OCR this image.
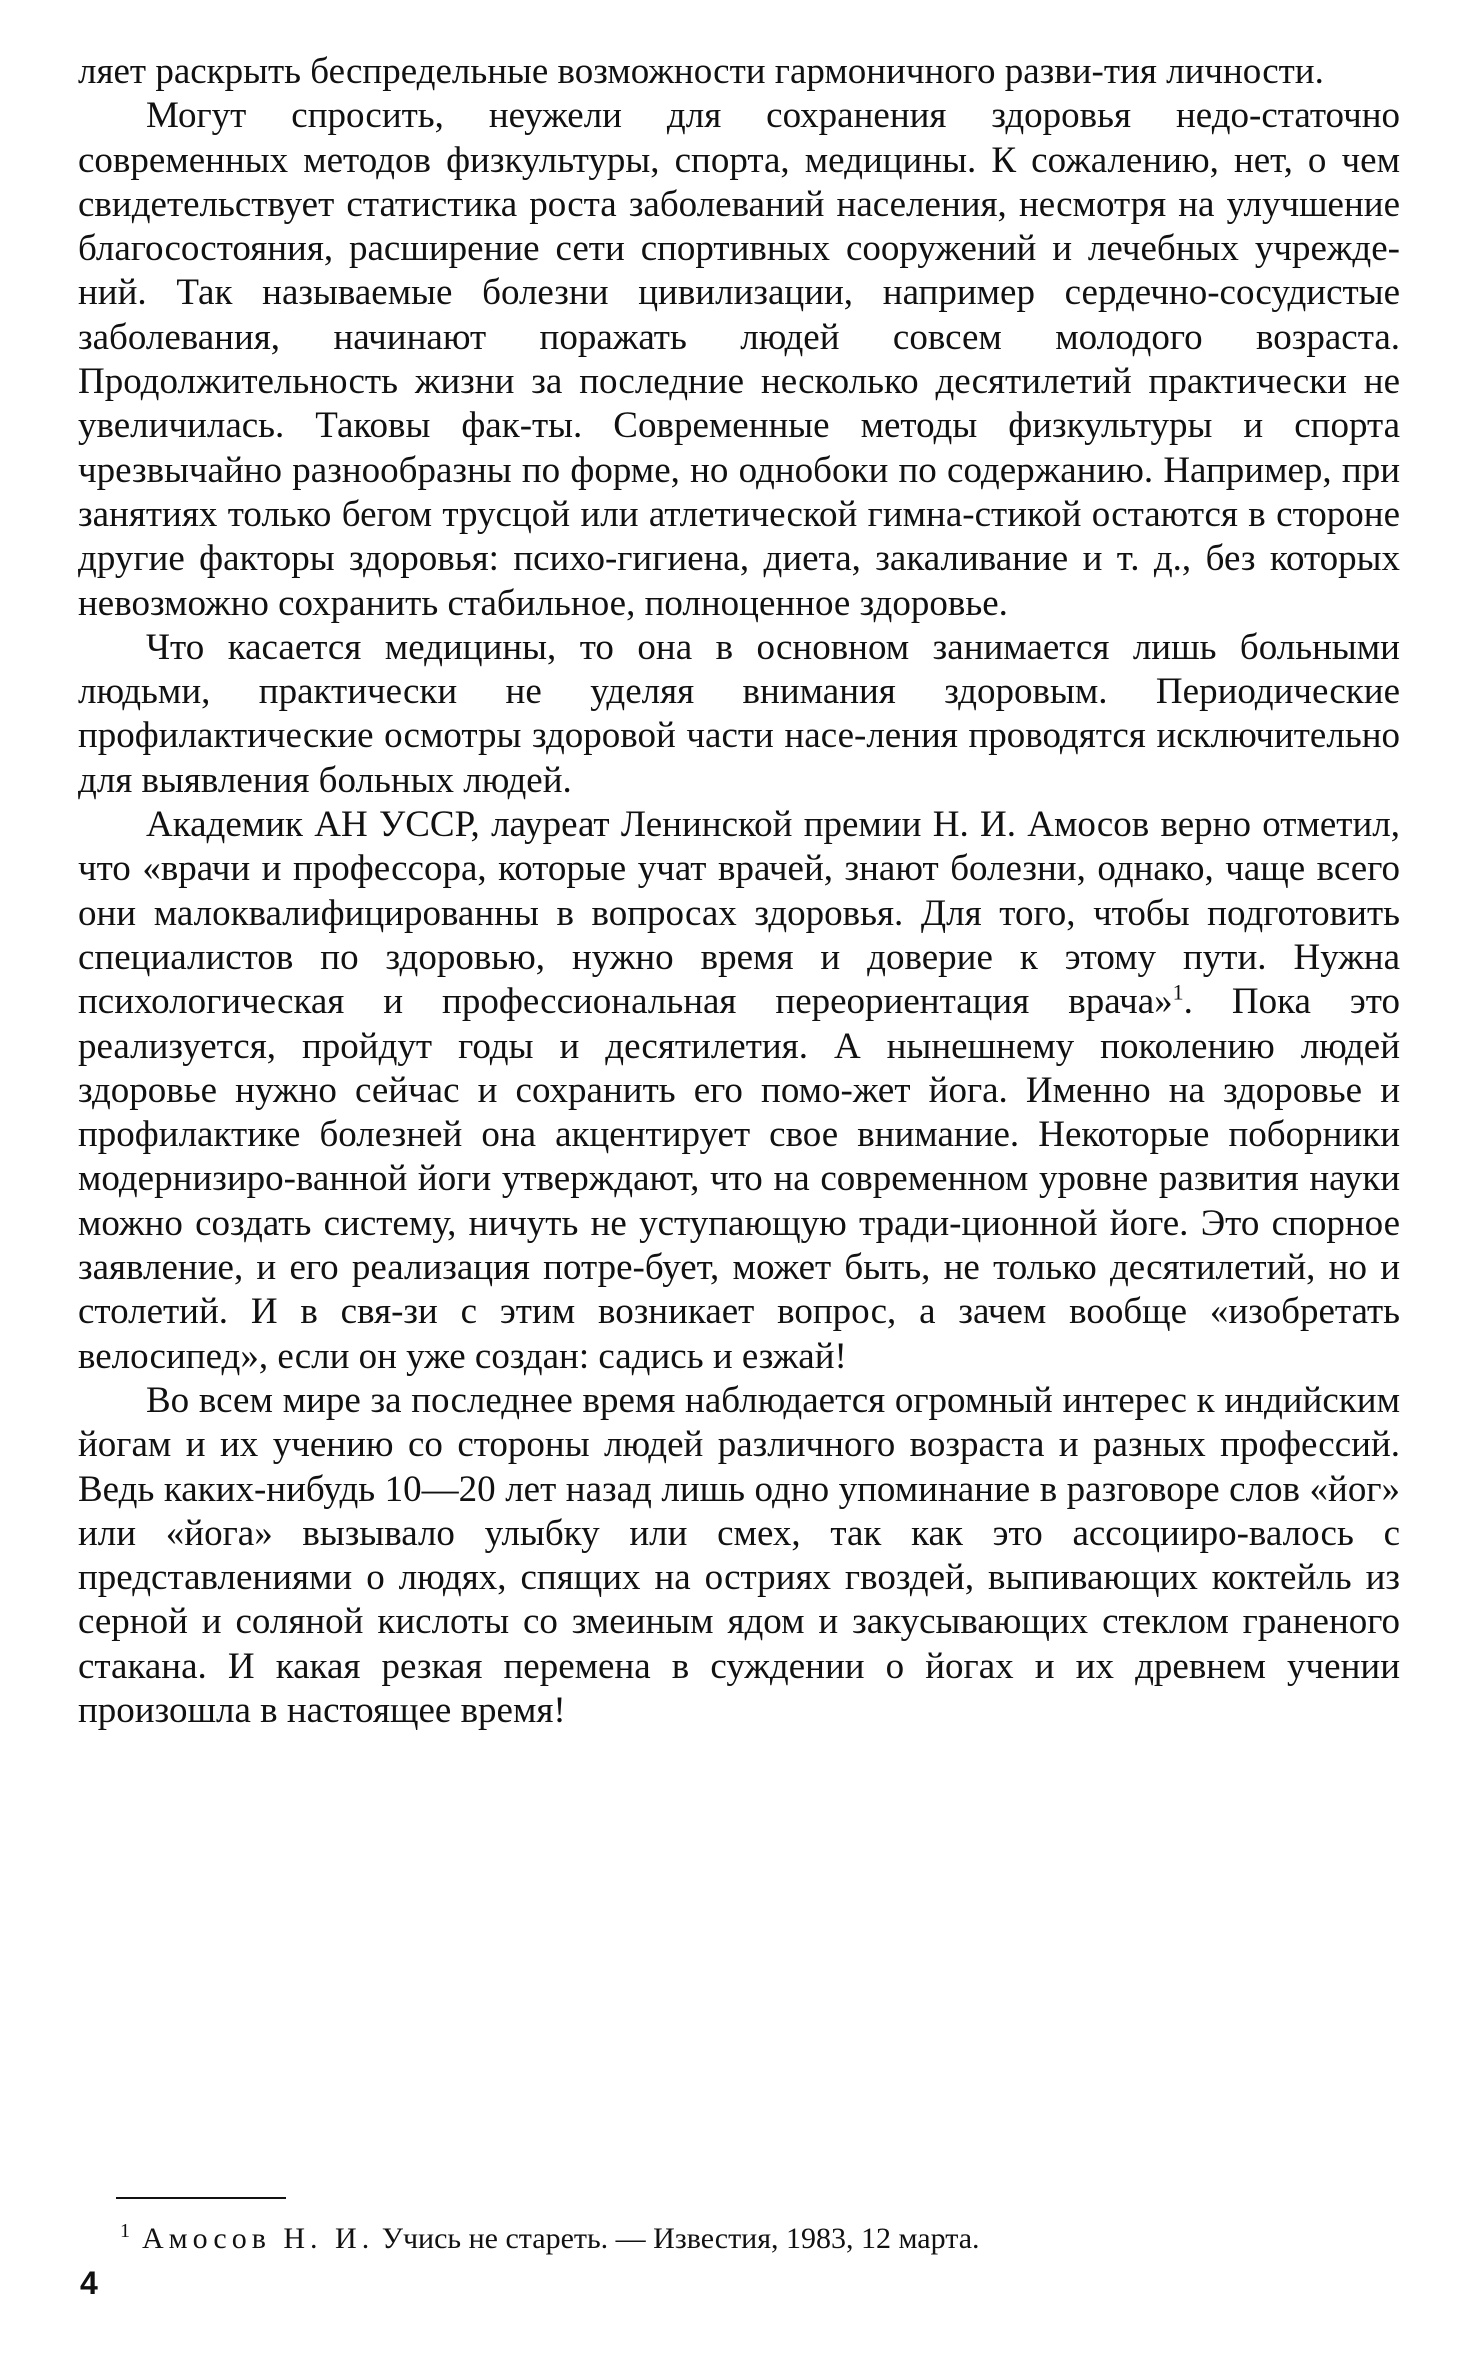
ляет раскрыть беспредельные возможности гармоничного разви-тия личности.

Могут спросить, неужели для сохранения здоровья недо-статочно современных методов физкультуры, спорта, медицины. К сожалению, нет, о чем свидетельствует статистика роста заболеваний населения, несмотря на улучшение благосостояния, расширение сети спортивных сооружений и лечебных учрежде-ний. Так называемые болезни цивилизации, например сердечно-сосудистые заболевания, начинают поражать людей совсем молодого возраста. Продолжительность жизни за последние несколько десятилетий практически не увеличилась. Таковы фак-ты. Современные методы физкультуры и спорта чрезвычайно разнообразны по форме, но однобоки по содержанию. Например, при занятиях только бегом трусцой или атлетической гимна-стикой остаются в стороне другие факторы здоровья: психо-гигиена, диета, закаливание и т. д., без которых невозможно сохранить стабильное, полноценное здоровье.

Что касается медицины, то она в основном занимается лишь больными людьми, практически не уделяя внимания здоровым. Периодические профилактические осмотры здоровой части насе-ления проводятся исключительно для выявления больных людей.

Академик АН УССР, лауреат Ленинской премии Н. И. Амосов верно отметил, что «врачи и профессора, которые учат врачей, знают болезни, однако, чаще всего они малоквалифицированны в вопросах здоровья. Для того, чтобы подготовить специалистов по здоровью, нужно время и доверие к этому пути. Нужна психологическая и профессиональная переориентация врача»$^1$. Пока это реализуется, пройдут годы и десятилетия. А нынешнему поколению людей здоровье нужно сейчас и сохранить его помо-жет йога. Именно на здоровье и профилактике болезней она акцентирует свое внимание. Некоторые поборники модернизиро-ванной йоги утверждают, что на современном уровне развития науки можно создать систему, ничуть не уступающую тради-ционной йоге. Это спорное заявление, и его реализация потре-бует, может быть, не только десятилетий, но и столетий. И в свя-зи с этим возникает вопрос, а зачем вообще «изобретать велосипед», если он уже создан: садись и езжай!

Во всем мире за последнее время наблюдается огромный интерес к индийским йогам и их учению со стороны людей различного возраста и разных профессий. Ведь каких-нибудь 10—20 лет назад лишь одно упоминание в разговоре слов «йог» или «йога» вызывало улыбку или смех, так как это ассоцииро-валось с представлениями о людях, спящих на остриях гвоздей, выпивающих коктейль из серной и соляной кислоты со змеиным ядом и закусывающих стеклом граненого стакана. И какая резкая перемена в суждении о йогах и их древнем учении произошла в настоящее время!

$^1$ Амосов Н. И. Учись не стареть. — Известия, 1983, 12 марта.
4
